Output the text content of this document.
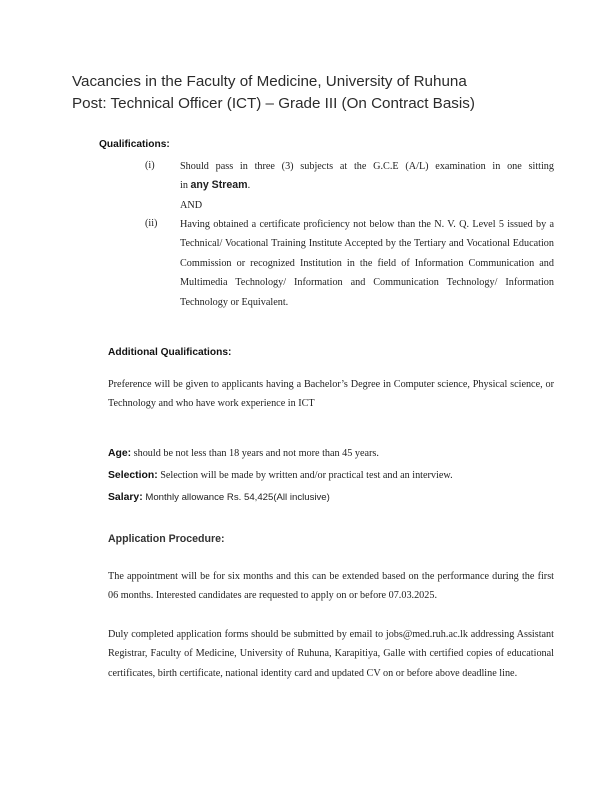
Vacancies in the Faculty of Medicine, University of Ruhuna
Post: Technical Officer (ICT) – Grade III (On Contract Basis)
Qualifications:
(i) Should pass in three (3) subjects at the G.C.E (A/L) examination in one sitting
in any Stream.
AND
(ii) Having obtained a certificate proficiency not below than the N. V. Q. Level 5 issued by a Technical/ Vocational Training Institute Accepted by the Tertiary and Vocational Education Commission or recognized Institution in the field of Information Communication and Multimedia Technology/ Information and Communication Technology/ Information Technology or Equivalent.
Additional Qualifications:
Preference will be given to applicants having a Bachelor’s Degree in Computer science, Physical science, or Technology and who have work experience in ICT
Age: should be not less than 18 years and not more than 45 years.
Selection: Selection will be made by written and/or practical test and an interview.
Salary: Monthly allowance Rs. 54,425(All inclusive)
Application Procedure:
The appointment will be for six months and this can be extended based on the performance during the first 06 months. Interested candidates are requested to apply on or before 07.03.2025.
Duly completed application forms should be submitted by email to jobs@med.ruh.ac.lk addressing Assistant Registrar, Faculty of Medicine, University of Ruhuna, Karapitiya, Galle with certified copies of educational certificates, birth certificate, national identity card and updated CV on or before above deadline line.
